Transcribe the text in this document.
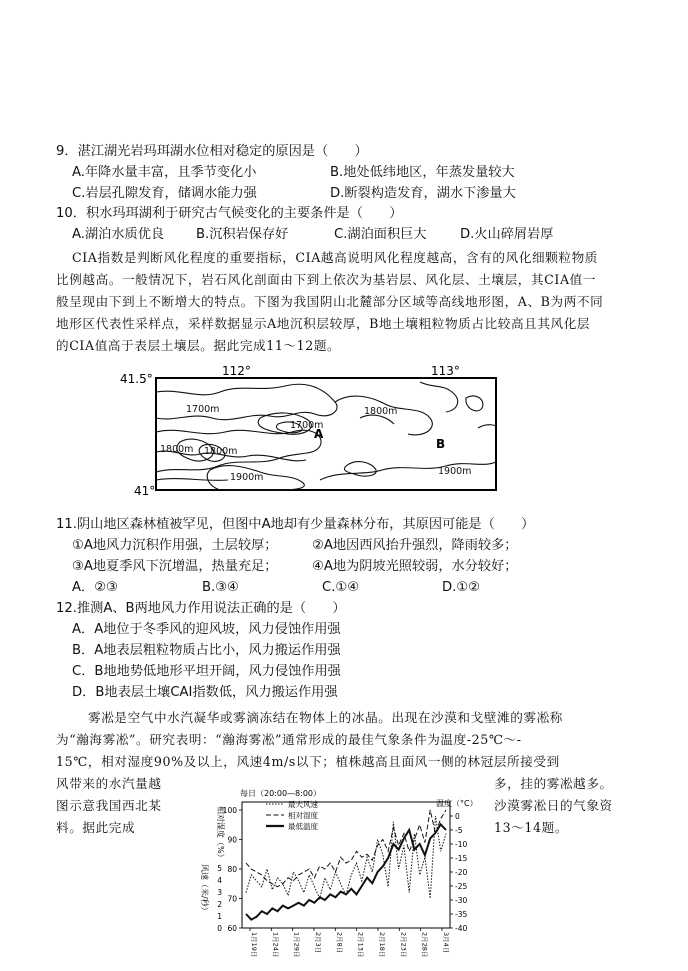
9．湛江湖光岩玛珥湖水位相对稳定的原因是（　　）
A.年降水量丰富，且季节变化小	B.地处低纬地区，年蒸发量较大
C.岩层孔隙发育，储调水能力强	D.断裂构造发育，湖水下渗量大
10．积水玛珥湖利于研究古气候变化的主要条件是（　　）
A.湖泊水质优良 B.沉积岩保存好	C.湖泊面积巨大	D.火山碎屑岩厚
CIA指数是判断风化程度的重要指标，CIA越高说明风化程度越高，含有的风化细颗粒物质
比例越高。一般情况下，岩石风化剖面由下到上依次为基岩层、风化层、土壤层，其CIA值一
般呈现由下到上不断增大的特点。下图为我国阴山北麓部分区域等高线地形图，A、B为两不同
地形区代表性采样点，采样数据显示A地沉积层较厚，B地土壤粗粒物质占比较高且其风化层
的CIA值高于表层土壤层。据此完成11～12题。
41.5°
41°
112°	113°
1700m	1800m
1700m
1800m 1800m
1900m
1900m
A
B
11.阴山地区森林植被罕见，但图中A地却有少量森林分布，其原因可能是（　　）
①A地风力沉积作用强，土层较厚；	②A地因西风抬升强烈，降雨较多；
③A地夏季风下沉增温，热量充足；	④A地为阴坡光照较弱，水分较好；
A．②③	B.③④	C.①④	D.①②
12.推测A、B两地风力作用说法正确的是（　　）
A．A地位于冬季风的迎风坡，风力侵蚀作用强
B．A地表层粗粒物质占比小，风力搬运作用强
C．B地地势低地形平坦开阔，风力侵蚀作用强
D．B地表层土壤CAI指数低，风力搬运作用强
雾凇是空气中水汽凝华或雾滴冻结在物体上的冰晶。出现在沙漠和戈壁滩的雾凇称
为“瀚海雾凇”。研究表明：“瀚海雾凇”通常形成的最佳气象条件为温度-25℃～-
15℃，相对湿度90%及以上，风速4m/s以下；植株越高且面风一侧的林冠层所接受到
风带来的水汽量越	多，挂的雾凇越多。
图示意我国西北某	沙漠雾凇日的气象资
料。据此完成	13～14题。
每日（20:00—8:00）
温度（°C）
相对湿度（%）
风速（米/秒）
最大风速
相对湿度
最低温度
100
90
80
70
60
5
4
3
2
1
0
0
-5
-10
-15
-20
-25
-30
-35
-40
1月19日 1月24日 1月29日 2月3日 2月8日 2月13日 2月18日 2月23日 2月28日 3月4日
